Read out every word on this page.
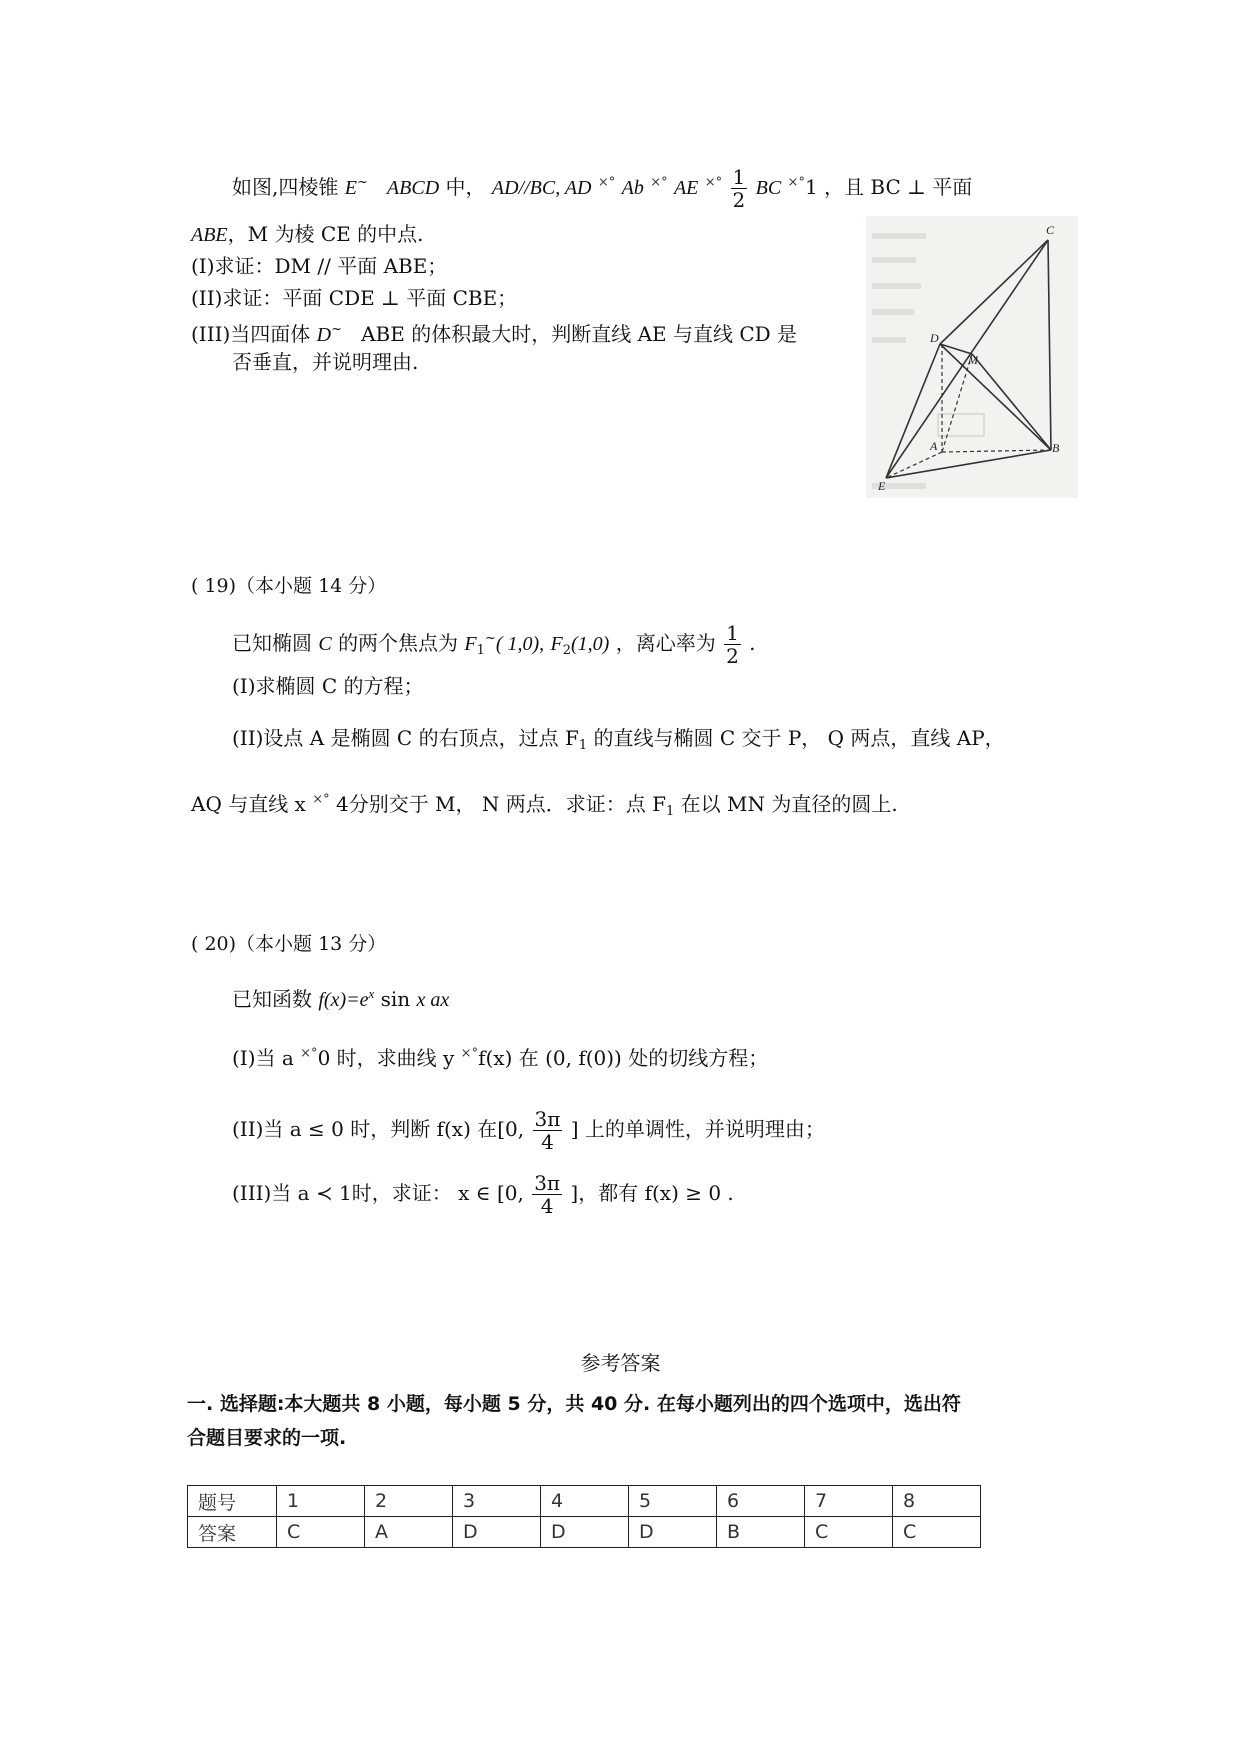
如图,四棱锥 E~ ABCD 中， AD//BC, AD ×° Ab ×° AE $^{\times^\circ} \frac{1}{2}$ BC ×°1 ，且 BC ⊥ 平面
ABE，M 为棱 CE 的中点.
(I)求证：DM // 平面 ABE；
(II)求证：平面 CDE ⊥ 平面 CBE；
(III)当四面体 D~ ABE 的体积最大时，判断直线 AE 与直线 CD 是
否垂直，并说明理由.
C
D
M
A	B
E
( 19)（本小题 14 分）
已知椭圆 C 的两个焦点为 $F_1^\sim$( 1,0), $F_2(1,0)$ ，离心率为 $\frac{1}{2}$ .
(I)求椭圆 C 的方程；
(II)设点 A 是椭圆 C 的右顶点，过点 $F_1$ 的直线与椭圆 C 交于 P， Q 两点，直线 AP，
AQ 与直线 x ×° 4分别交于 M， N 两点．求证：点 $F_1$ 在以 MN 为直径的圆上.
( 20)（本小题 13 分）
已知函数 $f(x)=e^x$ sin x ax
(I)当 a ×°0 时，求曲线 y ×°f(x) 在 (0, f(0)) 处的切线方程；
(II)当 a ≤ 0 时，判断 f(x) 在[0, $\frac{3\pi}{4}$ ] 上的单调性，并说明理由；
(III)当 a ≺ 1时，求证： x ∈ [0, $\frac{3\pi}{4}$ ]，都有 f(x) ≥ 0 .
参考答案
一. 选择题:本大题共 8 小题，每小题 5 分，共 40 分. 在每小题列出的四个选项中，选出符
合题目要求的一项.
题号	1	2	3	4	5	6	7	8
答案	C	A	D	D	D	B	C	C
